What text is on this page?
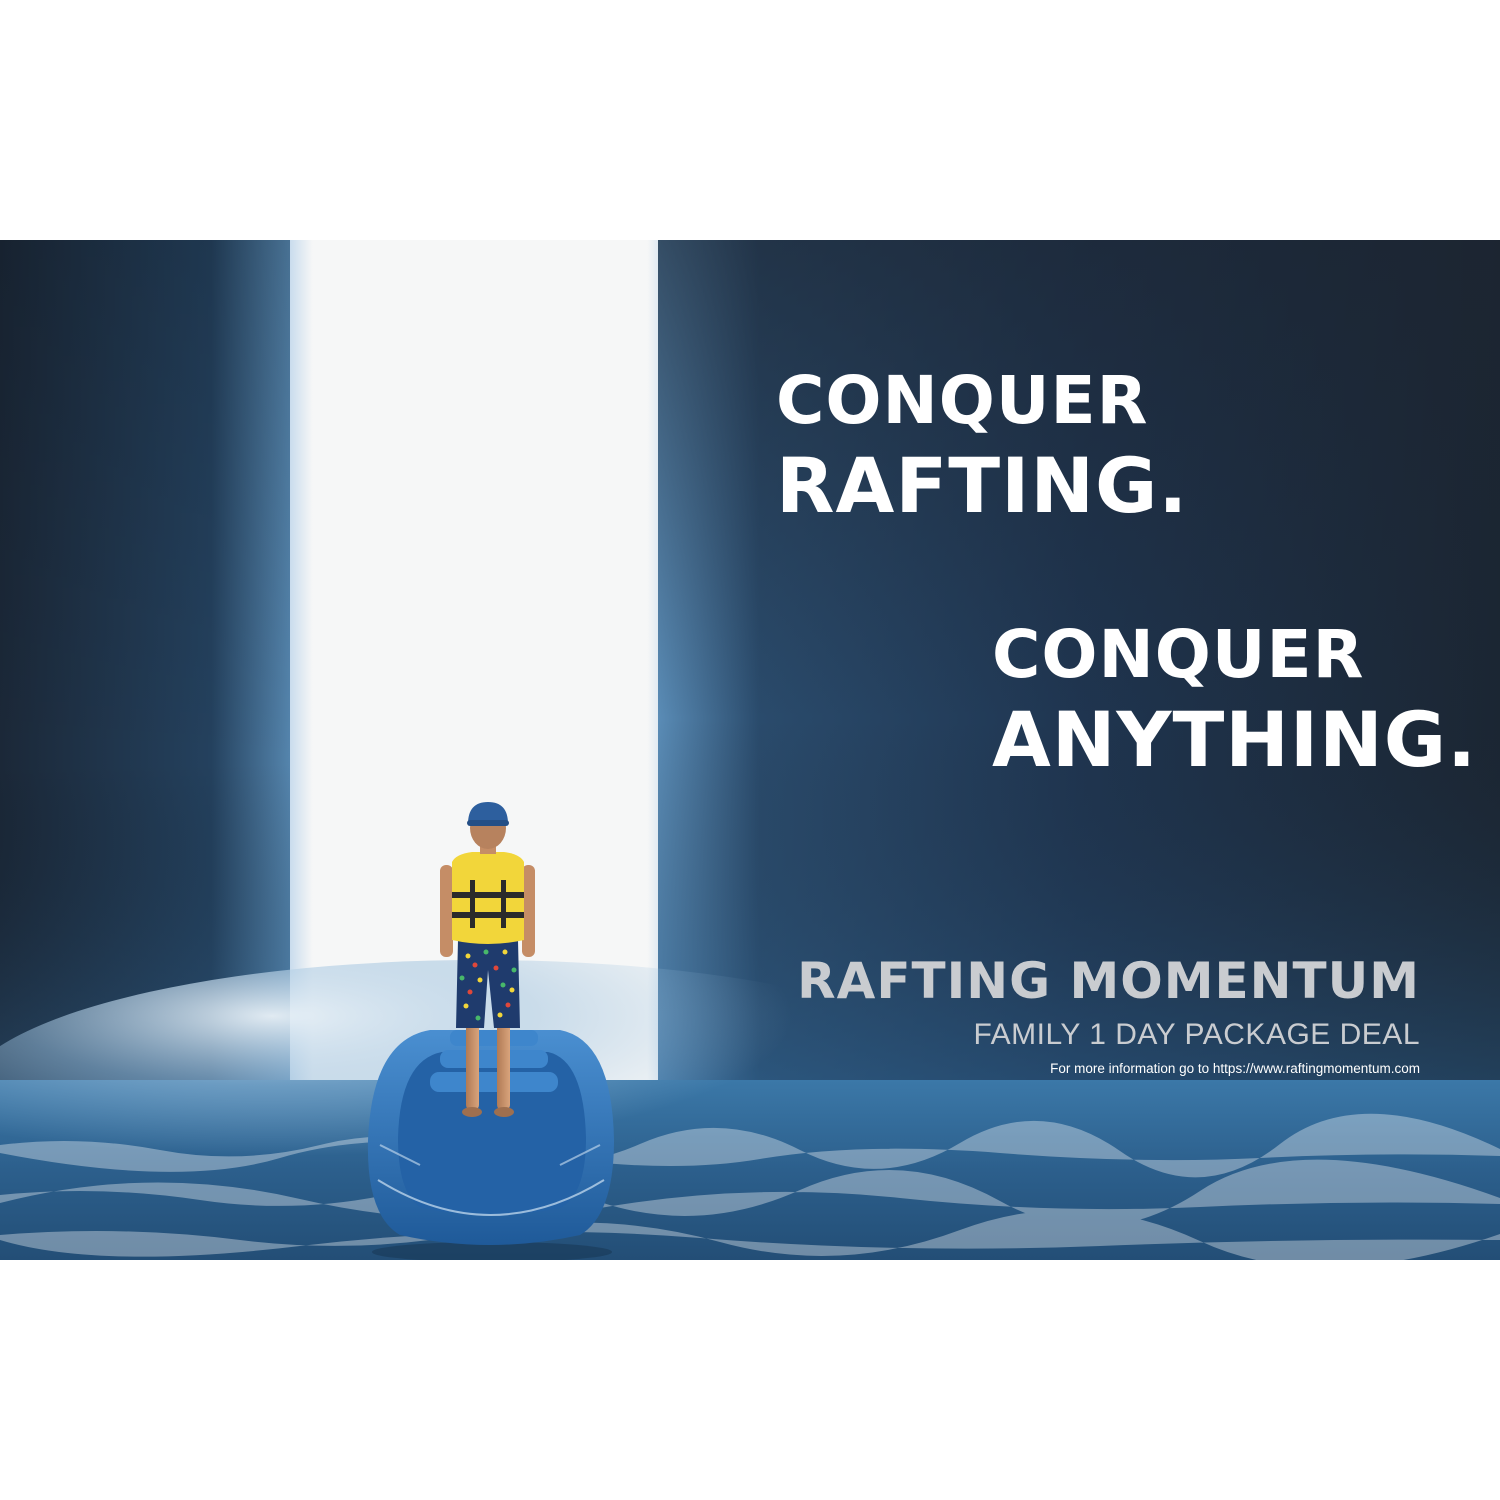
CONQUER
RAFTING.
CONQUER
ANYTHING.
RAFTING MOMENTUM
FAMILY 1 DAY PACKAGE DEAL
For more information go to https://www.raftingmomentum.com
